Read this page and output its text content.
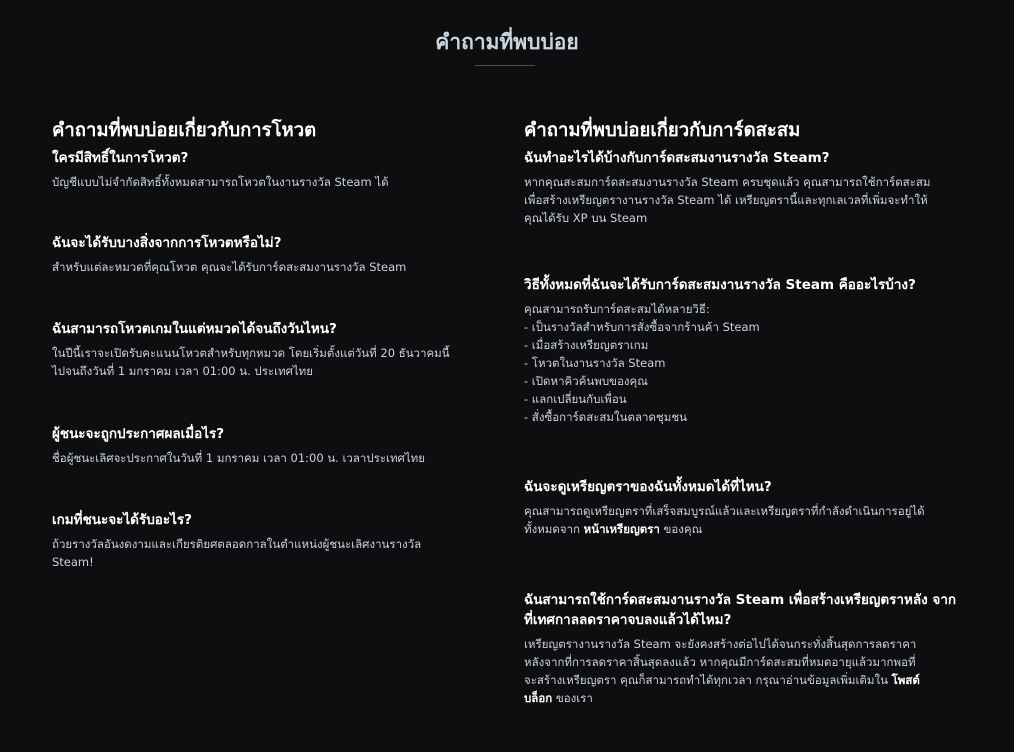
คำถามที่พบบ่อย
คำถามที่พบบ่อยเกี่ยวกับการโหวต
ใครมีสิทธิ์ในการโหวต?
บัญชีแบบไม่จำกัดสิทธิ์ทั้งหมดสามารถโหวตในงานรางวัล Steam ได้
ฉันจะได้รับบางสิ่งจากการโหวตหรือไม่?
สำหรับแต่ละหมวดที่คุณโหวต คุณจะได้รับการ์ดสะสมงานรางวัล Steam
ฉันสามารถโหวตเกมในแต่หมวดได้จนถึงวันไหน?
ในปีนี้เราจะเปิดรับคะแนนโหวตสำหรับทุกหมวด โดยเริ่มตั้งแต่วันที่ 20 ธันวาคมนี้
ไปจนถึงวันที่ 1 มกราคม เวลา 01:00 น. ประเทศไทย
ผู้ชนะจะถูกประกาศผลเมื่อไร?
ชื่อผู้ชนะเลิศจะประกาศในวันที่ 1 มกราคม เวลา 01:00 น. เวลาประเทศไทย
เกมที่ชนะจะได้รับอะไร?
ถ้วยรางวัลอันงดงามและเกียรติยศตลอดกาลในตำแหน่งผู้ชนะเลิศงานรางวัล
Steam!
คำถามที่พบบ่อยเกี่ยวกับการ์ดสะสม
ฉันทำอะไรได้บ้างกับการ์ดสะสมงานรางวัล Steam?
หากคุณสะสมการ์ดสะสมงานรางวัล Steam ครบชุดแล้ว คุณสามารถใช้การ์ดสะสม
เพื่อสร้างเหรียญตรางานรางวัล Steam ได้ เหรียญตรานี้และทุกเลเวลที่เพิ่มจะทำให้
คุณได้รับ XP บน Steam
วิธีทั้งหมดที่ฉันจะได้รับการ์ดสะสมงานรางวัล Steam คืออะไรบ้าง?
คุณสามารถรับการ์ดสะสมได้หลายวิธี:
- เป็นรางวัลสำหรับการสั่งซื้อจากร้านค้า Steam
- เมื่อสร้างเหรียญตราเกม
- โหวตในงานรางวัล Steam
- เปิดหาคิวค้นพบของคุณ
- แลกเปลี่ยนกับเพื่อน
- สั่งซื้อการ์ดสะสมในตลาดชุมชน
ฉันจะดูเหรียญตราของฉันทั้งหมดได้ที่ไหน?
คุณสามารถดูเหรียญตราที่เสร็จสมบูรณ์แล้วและเหรียญตราที่กำลังดำเนินการอยู่ได้
ทั้งหมดจาก หน้าเหรียญตรา ของคุณ
ฉันสามารถใช้การ์ดสะสมงานรางวัล Steam เพื่อสร้างเหรียญตราหลัง จากที่เทศกาลลดราคาจบลงแล้วได้ไหม?
เหรียญตรางานรางวัล Steam จะยังคงสร้างต่อไปได้จนกระทั่งสิ้นสุดการลดราคา
หลังจากที่การลดราคาสิ้นสุดลงแล้ว หากคุณมีการ์ดสะสมที่หมดอายุแล้วมากพอที่
จะสร้างเหรียญตรา คุณก็สามารถทำได้ทุกเวลา กรุณาอ่านข้อมูลเพิ่มเติมใน โพสต์
บล็อก ของเรา
